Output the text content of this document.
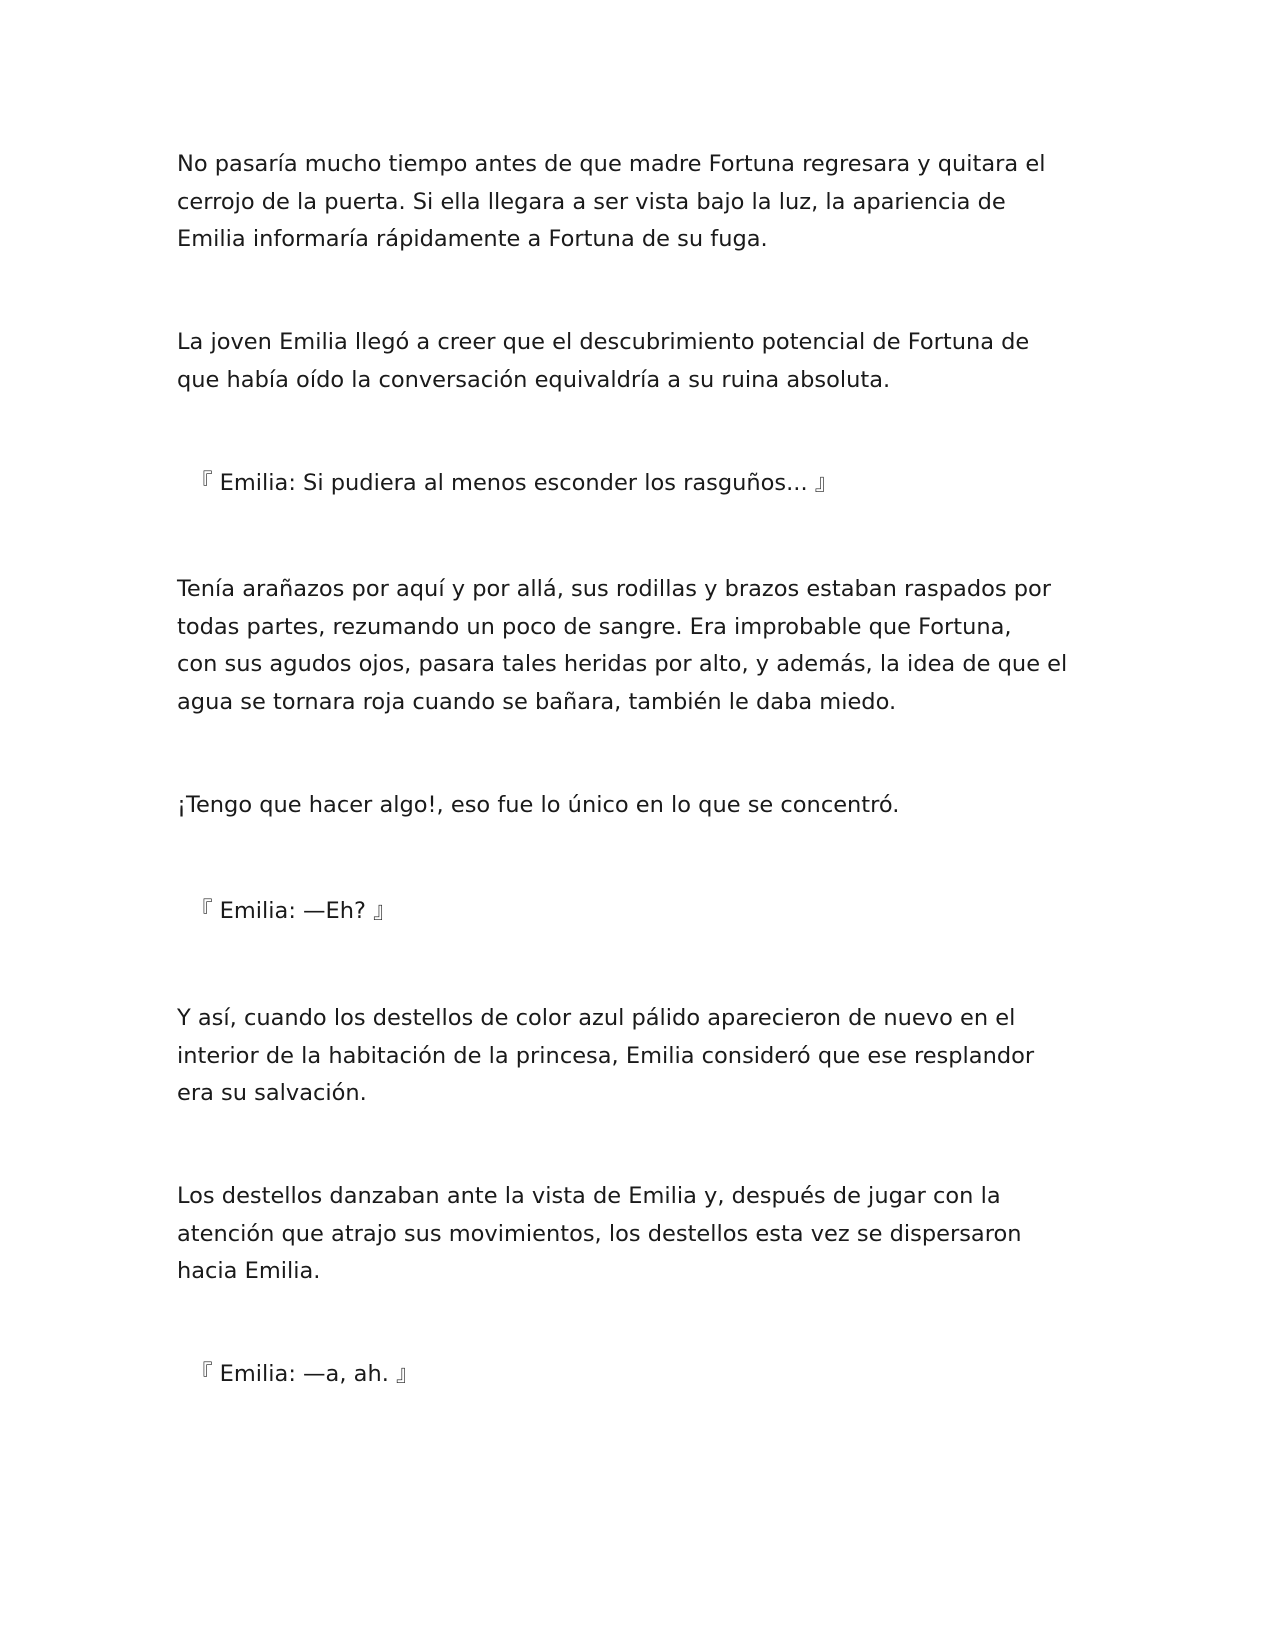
No pasaría mucho tiempo antes de que madre Fortuna regresara y quitara el
cerrojo de la puerta. Si ella llegara a ser vista bajo la luz, la apariencia de
Emilia informaría rápidamente a Fortuna de su fuga.

La joven Emilia llegó a creer que el descubrimiento potencial de Fortuna de
que había oído la conversación equivaldría a su ruina absoluta.

『 Emilia: Si pudiera al menos esconder los rasguños... 』

Tenía arañazos por aquí y por allá, sus rodillas y brazos estaban raspados por
todas partes, rezumando un poco de sangre. Era improbable que Fortuna,
con sus agudos ojos, pasara tales heridas por alto, y además, la idea de que el
agua se tornara roja cuando se bañara, también le daba miedo.

¡Tengo que hacer algo!, eso fue lo único en lo que se concentró.

『 Emilia: —Eh? 』

Y así, cuando los destellos de color azul pálido aparecieron de nuevo en el
interior de la habitación de la princesa, Emilia consideró que ese resplandor
era su salvación.

Los destellos danzaban ante la vista de Emilia y, después de jugar con la
atención que atrajo sus movimientos, los destellos esta vez se dispersaron
hacia Emilia.

『 Emilia: —a, ah. 』
